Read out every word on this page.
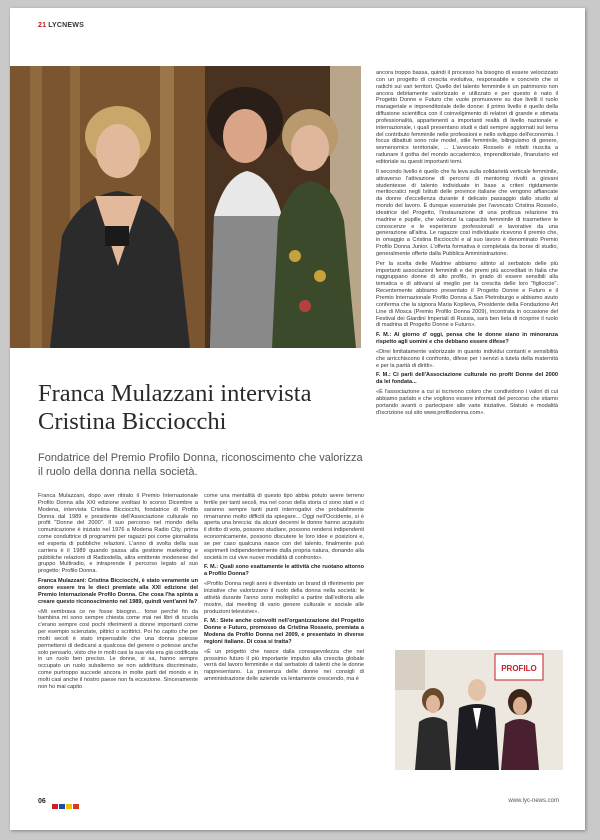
21 LYCNEWS
Franca Mulazzani intervista
Cristina Bicciocchi
Fondatrice del Premio Profilo Donna, riconoscimento che valorizza il ruolo della donna nella società.

Franca Mulazzani, dopo aver ritirato il Premio Internazionale Profilo Donna alla XXI edizione svoltasi lo scorso Dicembre a Modena, intervista Cristina Bicciocchi, fondatrice di Profilo Donna dal 1989 e presidente dell'Associazione culturale no profit "Donne del 2000". Il suo percorso nel mondo della comunicazione è iniziato nel 1976 a Modena Radio City, prima come conduttrice di programmi per ragazzi poi come giornalista ed esperta di pubbliche relazioni. L'anno di svolta della sua carriera è il 1989 quando passa alla gestione marketing e pubbliche relazioni di Radiostella, altra emittente modenese del gruppo Multiradio, e intraprende il percorso legato al suo progetto: Profilo Donna.

Franca Mulazzani: Cristina Bicciocchi, è stato veramente un onore essere tra le dieci premiate alla XXI edizione del Premio Internazionale Profilo Donna. Che cosa l'ha spinta a creare questo riconoscimento nel 1989, quindi vent'anni fa?

«Mi sembrava ce ne fosse bisogno... forse perché fin da bambina mi sono sempre chiesta come mai nei libri di scuola c'erano sempre così pochi riferimenti a donne importanti come per esempio scienziate, pittrici o scrittrici. Poi ho capito che per molti secoli è stato impensabile che una donna potesse permettersi di dedicarsi a qualcosa del genere o potesse anche solo pensarlo, visto che in molti casi la sua vita era già codificata in un ruolo ben preciso. Le donne, si sa, hanno sempre occupato un ruolo subalterno se non addirittura discriminato, come purtroppo succede ancora in molte parti del mondo e in molti casi anche il nostro paese non fa eccezione. Sinceramente non ho mai capito

come una mentalità di questo tipo abbia potuto avere terreno fertile per tanti secoli, ma nel corso della storia ci sono stati e ci saranno sempre tanti punti interrogativi che probabilmente rimarranno molto difficili da spiegare... Oggi nell'Occidente, si è aperta una breccia: da alcuni decenni le donne hanno acquisito il diritto di voto, possono studiare, possono rendersi indipendenti economicamente, possono discutere le loro idee e posizioni e, se per caso qualcuna nasce con del talento, finalmente può esprimerli indipendentemente dalla propria natura, donando alla società in cui vive nuove modalità di confronto».

F. M.: Quali sono esattamente le attività che ruotano attorno a Profilo Donna?

«Profilo Donna negli anni è diventato un brand di riferimento per iniziative che valorizzano il ruolo della donna nella società: le attività durante l'anno sono molteplici a partire dall'editoria alle mostre, dai meeting di vario genere culturale e sociale alle produzioni televisive».

F. M.: Siete anche coinvolti nell'organizzazione del Progetto Donne e Futuro, promosso da Cristina Rosseio, premiata a Modena da Profilo Donna nel 2009, e presentato in diverse regioni italiane. Di cosa si tratta?

«È un progetto che nasce dalla consapevolezza che nel prossimo futuro il più importante impulso alla crescita globale verrà dal lavoro femminile e dal serbatoio di talenti che le donne rappresentano. La presenza delle donne nei consigli di amministrazione delle aziende va lentamente crescendo, ma è

ancora troppo bassa, quindi il processo ha bisogno di essere velocizzato con un progetto di crescita evolutiva, responsabile e concreto che si radichi sui vari territori. Quello del talento femminile è un patrimonio non ancora debitamente valorizzato e utilizzato e per questo è nato il Progetto Donne e Futuro che vuole promuovere su due livelli il ruolo manageriale e imprenditoriale delle donne: il primo livello è quello della diffusione scientifica con il coinvolgimento di relatori di grande e stimata professionalità, appartenenti a importanti realtà di livello nazionale e internazionale, i quali presentano studi e dati sempre aggiornati sul tema del contributo femminile nelle professioni e nello sviluppo dell'economia. I focus dibattuti sono role model, stile femminile, bilinguismo di genere, womenomics territoriale, ... L'avvocato Rosselo è infatti riuscita a radunare il gotha del mondo accademico, imprenditoriale, finanziario ed editoriale su questi importanti temi.

Il secondo livello è quello che fa leva sulla solidarietà verticale femminile, attraverso l'attivazione di percorsi di mentoring rivolti a giovani studentesse di talento individuate in base a criteri rigidamente meritocratici negli Istituti delle province italiane che vengono affiancate da donne d'eccellenza durante il delicato passaggio dallo studio al mondo del lavoro. È dunque essenziale per l'avvocato Cristina Rosselo, ideatrice del Progetto, l'instaurazione di una proficua relazione tra madrine e pupille, che valorizzi la capacità femminile di trasmettere le conoscenze e le esperienze professionali e lavorative da una generazione all'altra. Le ragazze così individuate ricevono il premio che, in omaggio a Cristina Bicciocchi e al suo lavoro è denominato Premio Profilo Donna Junior. L'offerta formativa è completata da borse di studio, generalmente offerte dalla Pubblica Amministrazione.

Per la scelta delle Madrine abbiamo attinto al serbatoio delle più importanti associazioni femminili e dei premi più accreditati in Italia che raggruppano donne di alto profilo, in grado di essere sensibili alla tematica e di attivarsi al meglio per la crescita delle loro "figlioccie". Recentemente abbiamo presentato il Progetto Donne e Futuro e il Premio Internazionale Profilo Donna a San Pietroburgo e abbiamo avuto conferma che la signora Maria Koplieva, Presidente della Fondazione Art Line di Mosca (Premio Profilo Donna 2009), incontrata in occasione del Festival dei Giardini Imperiali di Russia, sarà ben lieta di ricoprire il ruolo di madrina di Progetto Donne e Futuro».

F. M.: Al giorno d' oggi, pensa che le donne siano in minoranza rispetto agli uomini e che debbano essere difese?

«Direi limitatamente valorizzate in quanto individui contanti e sensibilità che arricchiscono il confronto, difese per i servizi a tutela della maternità e per la parità di diritti».

F. M.: Ci parli dell'Associazione culturale no profit Donne del 2000 da lei fondata...

«È l'associazione a cui si iscrivono coloro che condividono i valori di cui abbiamo parlato e che vogliono essere informati del percorso che stiamo portando avanti o partecipare alle varie iniziative. Statuto e modalità d'iscrizione sul sito www.profilodonna.com».

PROFILO
06	www.lyc-news.com
